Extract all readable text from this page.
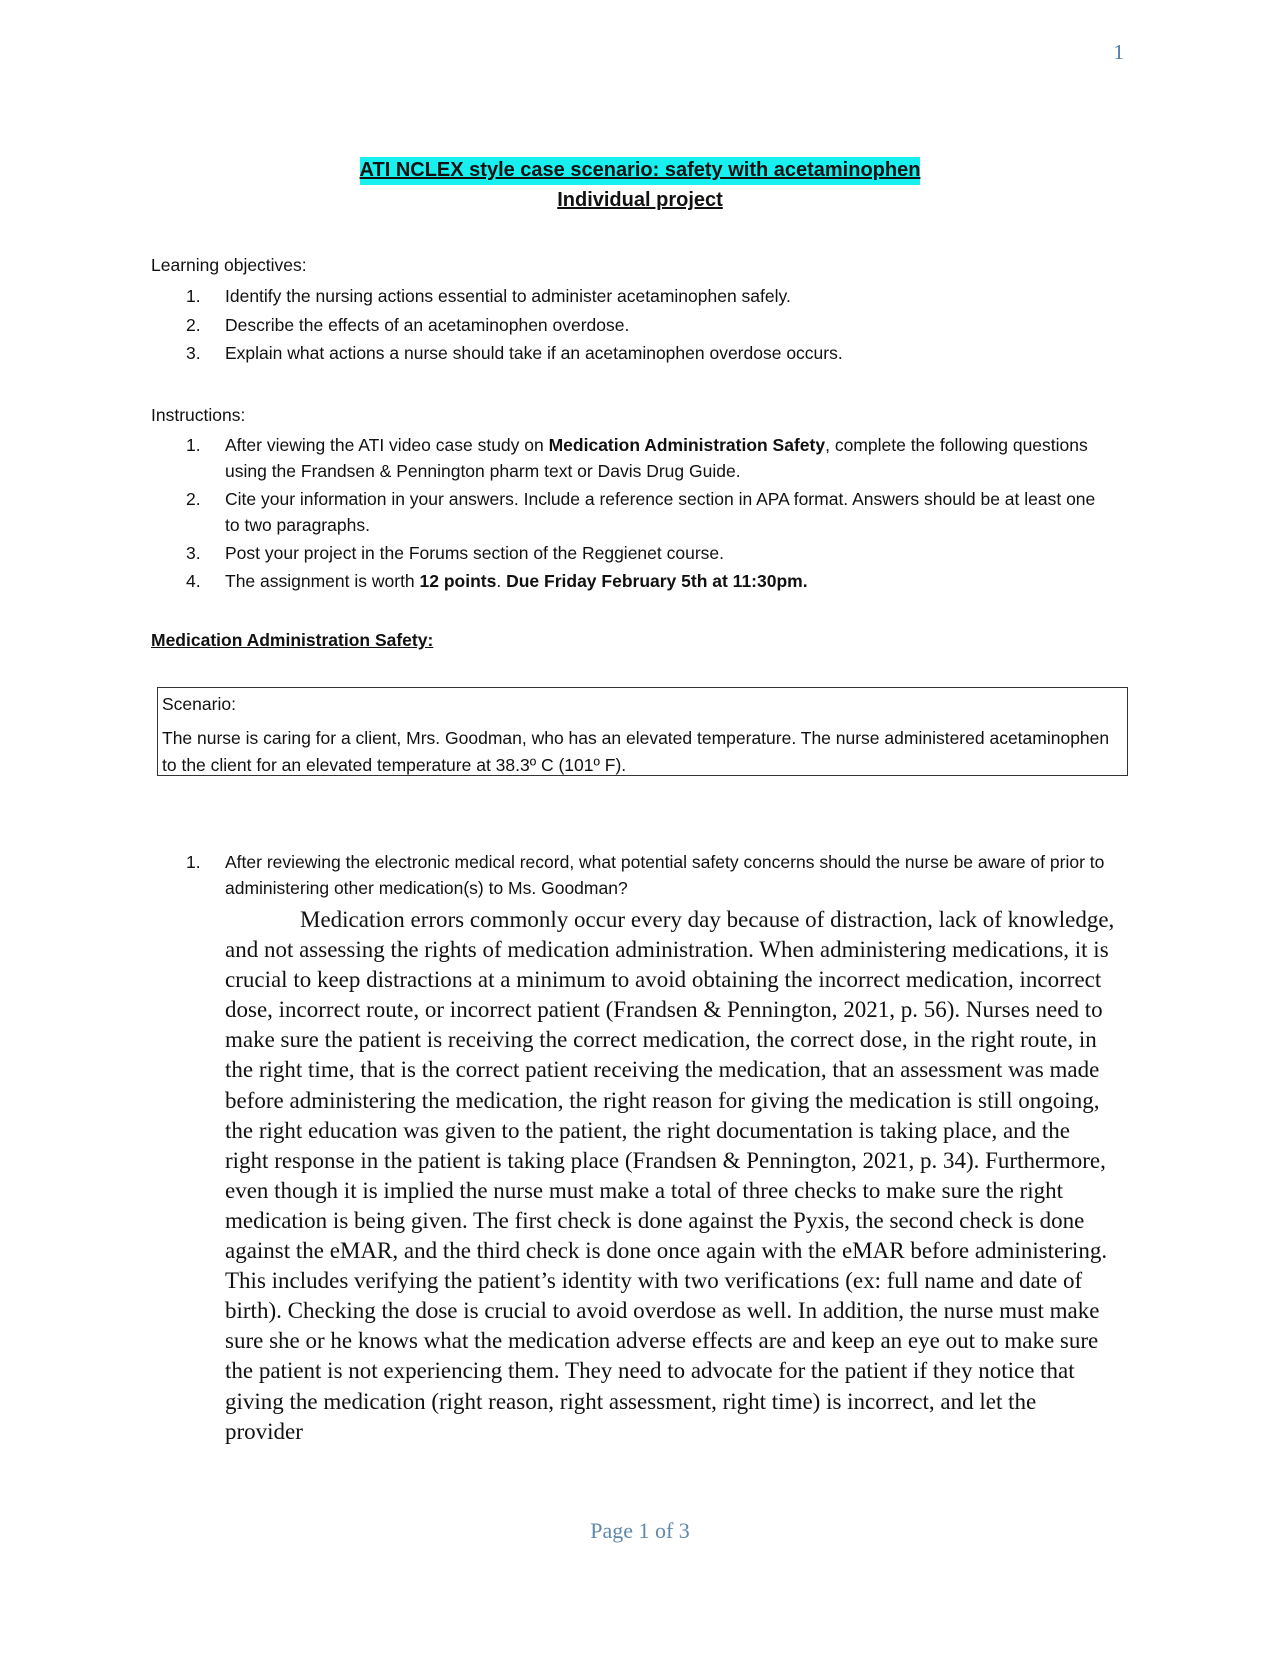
1
ATI NCLEX style case scenario: safety with acetaminophen
Individual project
Learning objectives:
1. Identify the nursing actions essential to administer acetaminophen safely.
2. Describe the effects of an acetaminophen overdose.
3. Explain what actions a nurse should take if an acetaminophen overdose occurs.
Instructions:
1. After viewing the ATI video case study on Medication Administration Safety, complete the following questions using the Frandsen & Pennington pharm text or Davis Drug Guide.
2. Cite your information in your answers. Include a reference section in APA format. Answers should be at least one to two paragraphs.
3. Post your project in the Forums section of the Reggienet course.
4. The assignment is worth 12 points. Due Friday February 5th at 11:30pm.
Medication Administration Safety:
Scenario:
The nurse is caring for a client, Mrs. Goodman, who has an elevated temperature. The nurse administered acetaminophen to the client for an elevated temperature at 38.3º C (101º F).
1. After reviewing the electronic medical record, what potential safety concerns should the nurse be aware of prior to administering other medication(s) to Ms. Goodman?

Medication errors commonly occur every day because of distraction, lack of knowledge, and not assessing the rights of medication administration. When administering medications, it is crucial to keep distractions at a minimum to avoid obtaining the incorrect medication, incorrect dose, incorrect route, or incorrect patient (Frandsen & Pennington, 2021, p. 56). Nurses need to make sure the patient is receiving the correct medication, the correct dose, in the right route, in the right time, that is the correct patient receiving the medication, that an assessment was made before administering the medication, the right reason for giving the medication is still ongoing, the right education was given to the patient, the right documentation is taking place, and the right response in the patient is taking place (Frandsen & Pennington, 2021, p. 34). Furthermore, even though it is implied the nurse must make a total of three checks to make sure the right medication is being given. The first check is done against the Pyxis, the second check is done against the eMAR, and the third check is done once again with the eMAR before administering. This includes verifying the patient’s identity with two verifications (ex: full name and date of birth). Checking the dose is crucial to avoid overdose as well. In addition, the nurse must make sure she or he knows what the medication adverse effects are and keep an eye out to make sure the patient is not experiencing them. They need to advocate for the patient if they notice that giving the medication (right reason, right assessment, right time) is incorrect, and let the provider

Page 1 of 3
